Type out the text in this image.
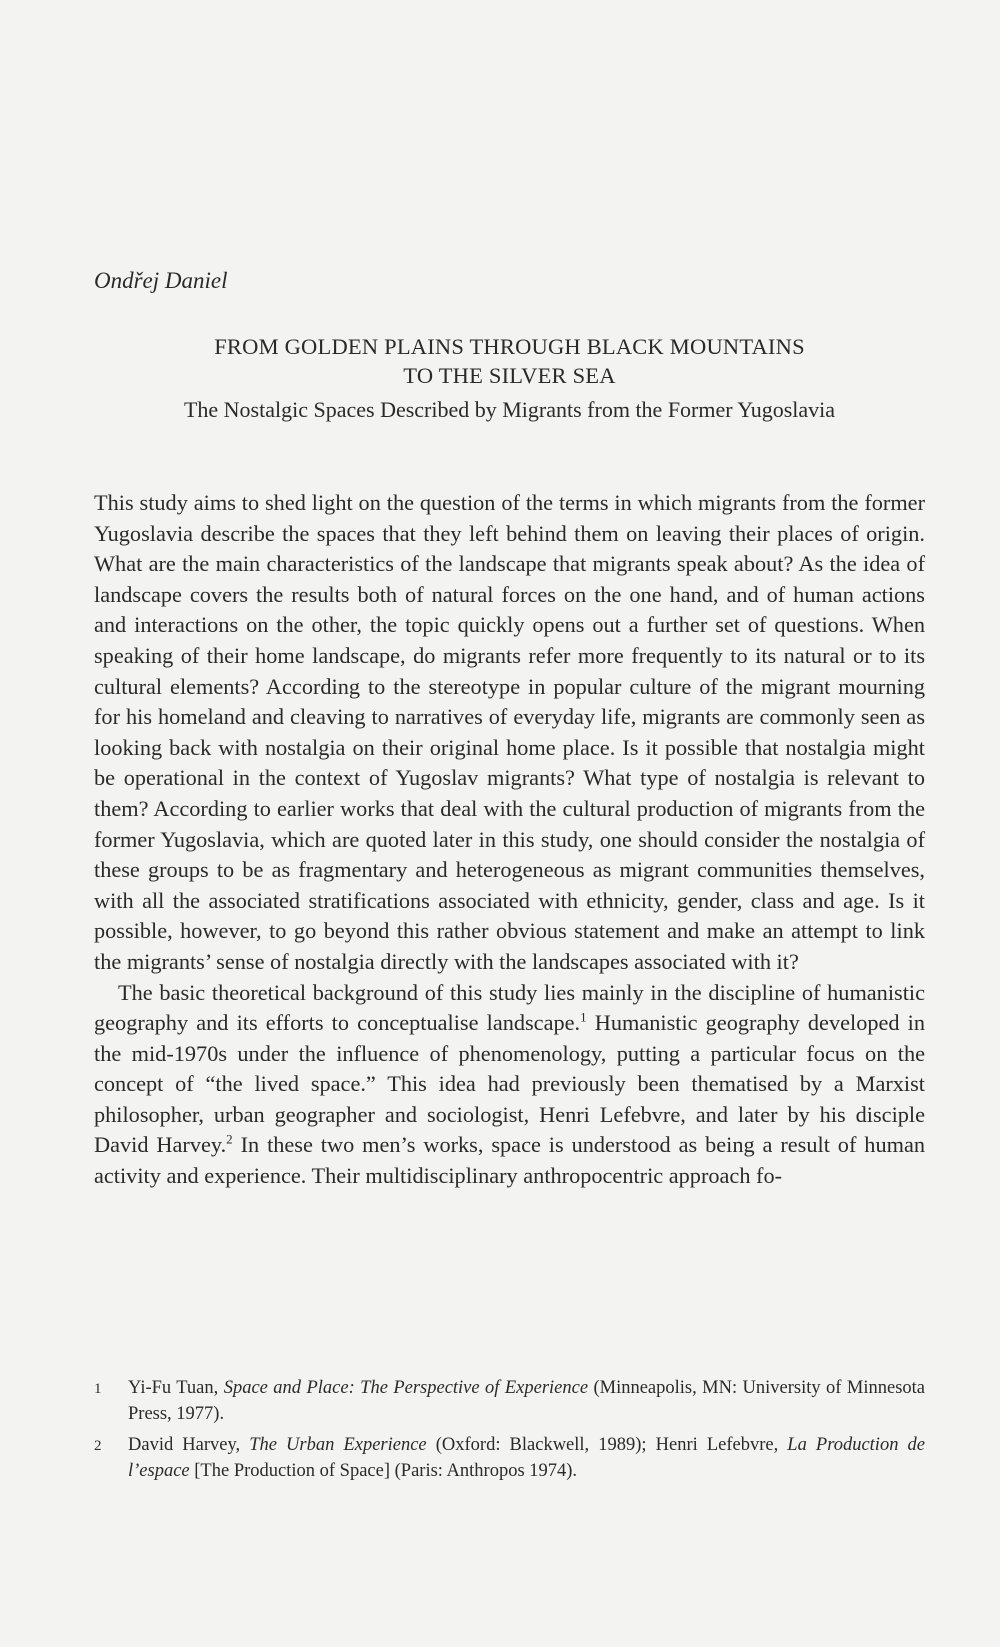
Ondřej Daniel
FROM GOLDEN PLAINS THROUGH BLACK MOUNTAINS
TO THE SILVER SEA
The Nostalgic Spaces Described by Migrants from the Former Yugoslavia

This study aims to shed light on the question of the terms in which migrants from the former Yugoslavia describe the spaces that they left behind them on leaving their places of origin. What are the main characteristics of the landscape that migrants speak about? As the idea of landscape covers the results both of natural forces on the one hand, and of human actions and interactions on the other, the topic quickly opens out a further set of questions. When speaking of their home landscape, do migrants refer more frequently to its natural or to its cultural elements? According to the stereotype in popular culture of the migrant mourning for his homeland and cleaving to narratives of everyday life, migrants are commonly seen as looking back with nostalgia on their original home place. Is it possible that nostalgia might be operational in the context of Yugoslav migrants? What type of nostalgia is relevant to them? According to earlier works that deal with the cultural production of migrants from the former Yugoslavia, which are quoted later in this study, one should consider the nostalgia of these groups to be as fragmentary and heterogeneous as migrant communities themselves, with all the associated stratifications associated with ethnicity, gender, class and age. Is it possible, however, to go beyond this rather obvious statement and make an attempt to link the migrants’ sense of nostalgia directly with the landscapes associated with it?

The basic theoretical background of this study lies mainly in the discipline of humanistic geography and its efforts to conceptualise landscape.$^1$ Humanistic geography developed in the mid-1970s under the influence of phenomenology, putting a particular focus on the concept of “the lived space.” This idea had previously been thematised by a Marxist philosopher, urban geographer and sociologist, Henri Lefebvre, and later by his disciple David Harvey.$^2$ In these two men’s works, space is understood as being a result of human activity and experience. Their multidisciplinary anthropocentric approach fo-

1	Yi-Fu Tuan, Space and Place: The Perspective of Experience (Minneapolis, MN: University of Minnesota Press, 1977).
2	David Harvey, The Urban Experience (Oxford: Blackwell, 1989); Henri Lefebvre, La Production de l’espace [The Production of Space] (Paris: Anthropos 1974).
